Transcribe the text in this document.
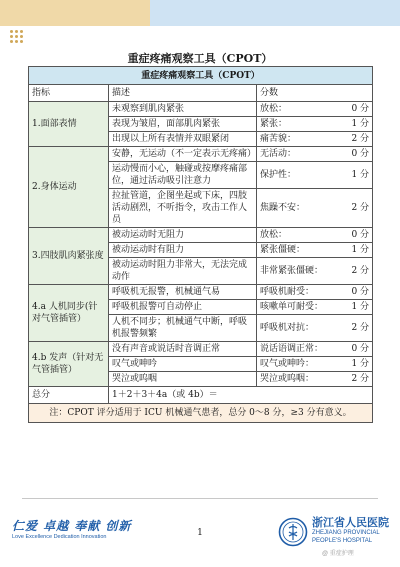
重症疼痛观察工具（CPOT）
重症疼痛观察工具（CPOT）		
指标	描述	分数
1.面部表情	未观察到肌肉紧张	放松： 0 分

	表现为皱眉，面部肌肉紧张	紧张： 1 分

	出现以上所有表情并双眼紧闭	痛苦貌： 2 分

2.身体运动	安静，无运动（不一定表示无疼痛）	无活动： 0 分

	运动慢而小心，触碰或按摩疼痛部位，通过活动吸引注意力	保护性： 1 分

	拉扯管道，企图坐起或下床，四肢活动剧烈，不听指令，攻击工作人员	焦躁不安： 2 分

3.四肢肌肉紧张度	被动运动时无阻力	放松： 0 分

	被动运动时有阻力	紧张僵硬： 1 分

	被动运动时阻力非常大，无法完成动作	非常紧张僵硬： 2 分

4.a 人机同步(针对气管插管）	呼吸机无报警，机械通气易	呼吸机耐受： 0 分

	呼吸机报警可自动停止	咳嗽单可耐受： 1 分

	人机不同步；机械通气中断，呼吸机报警频繁	呼吸机对抗： 2 分

4.b 发声（针对无气管插管）	没有声音或说话时音调正常	说话语调正常： 0 分

	叹气或呻吟	叹气或呻吟： 1 分

	哭泣或呜咽	哭泣或呜咽： 2 分

总分	1＋2＋3＋4a（或 4b）＝	
注：CPOT 评分适用于 ICU 机械通气患者，总分 0～8 分，≥3 分有意义。		
仁爱 卓越 奉献 创新
Love Excellence Dedication Innovation	1
浙江省人民医院
ZHEJIANG PROVINCIAL
PEOPLE'S HOSPITAL
@ 重症护理
